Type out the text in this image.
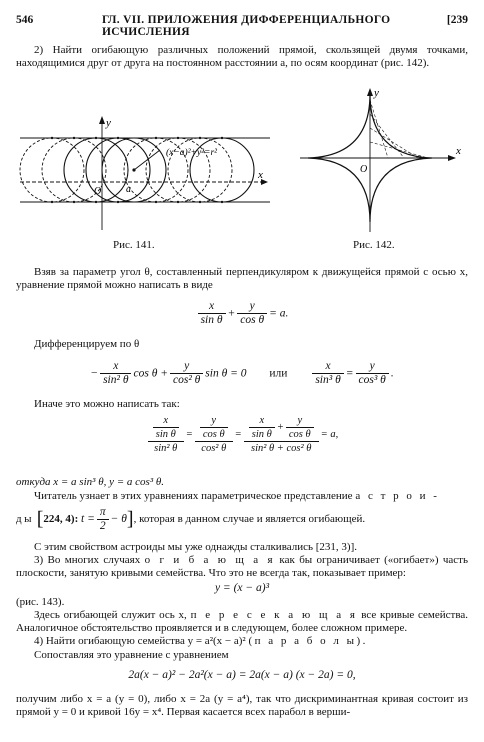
546	ГЛ. VII. ПРИЛОЖЕНИЯ ДИФФЕРЕНЦИАЛЬНОГО ИСЧИСЛЕНИЯ
[239
2) Найти огибающую различных положений прямой, скользящей двумя точками, находящимися друг от друга на постоянном расстоянии a, по осям координат (рис. 142).
y
x
O a
(x−a)²+y²=r²
Рис. 141.
y
x
O
Рис. 142.
Взяв за параметр угол θ, составленный перпендикуляром к движущейся прямой с осью x, уравнение прямой можно написать в виде
$\frac{x}{\text{sin θ}} + \frac{y}{\text{cos θ}} = a$.
Дифференцируем по θ
− $\frac{x}{\text{sin² θ}}$ $\cos \theta + \frac{y}{\text{cos² θ}}$ sin θ = 0 или $\frac{x}{\text{sin³ θ}} = \frac{y}{\text{cos³ θ}}$ .
Иначе это можно написать так:
$\frac{\frac{x}{\text{sin θ}}}{\text{sin² θ}} = \frac{\frac{y}{\text{cos θ}}}{\text{cos² θ}} = \frac{\frac{x}{\text{sin θ}} + \frac{y}{\text{cos θ}}}{\text{sin² θ + cos² θ}} = a$,
откуда x = a sin³ θ, y = a cos³ θ.
Читатель узнает в этих уравнениях параметрическое представление а с т р о и -
ды [224, 4): $t = \frac{\pi}{2} - \theta$], которая в данном случае и является огибающей.
С этим свойством астроиды мы уже однажды сталкивались [231, 3)].
3) Во многих случаях о г и б а ю щ а я как бы ограничивает («огибает») часть плоскости, занятую кривыми семейства. Что это не всегда так, показывает пример:
y = (x − a)³
(рис. 143).
Здесь огибающей служит ось x, п е р е с е к а ю щ а я все кривые семейства. Аналогичное обстоятельство проявляется и в следующем, более сложном примере.
4) Найти огибающую семейства y = a²(x − a)² (п а р а б о л ы).
Сопоставляя это уравнение с уравнением
2a(x − a)² − 2a²(x − a) = 2a(x − a) (x − 2a) = 0,
получим либо x = a (y = 0), либо x = 2a (y = a⁴), так что дискриминантная кривая состоит из прямой y = 0 и кривой 16y = x⁴. Первая касается всех парабол в верши-
